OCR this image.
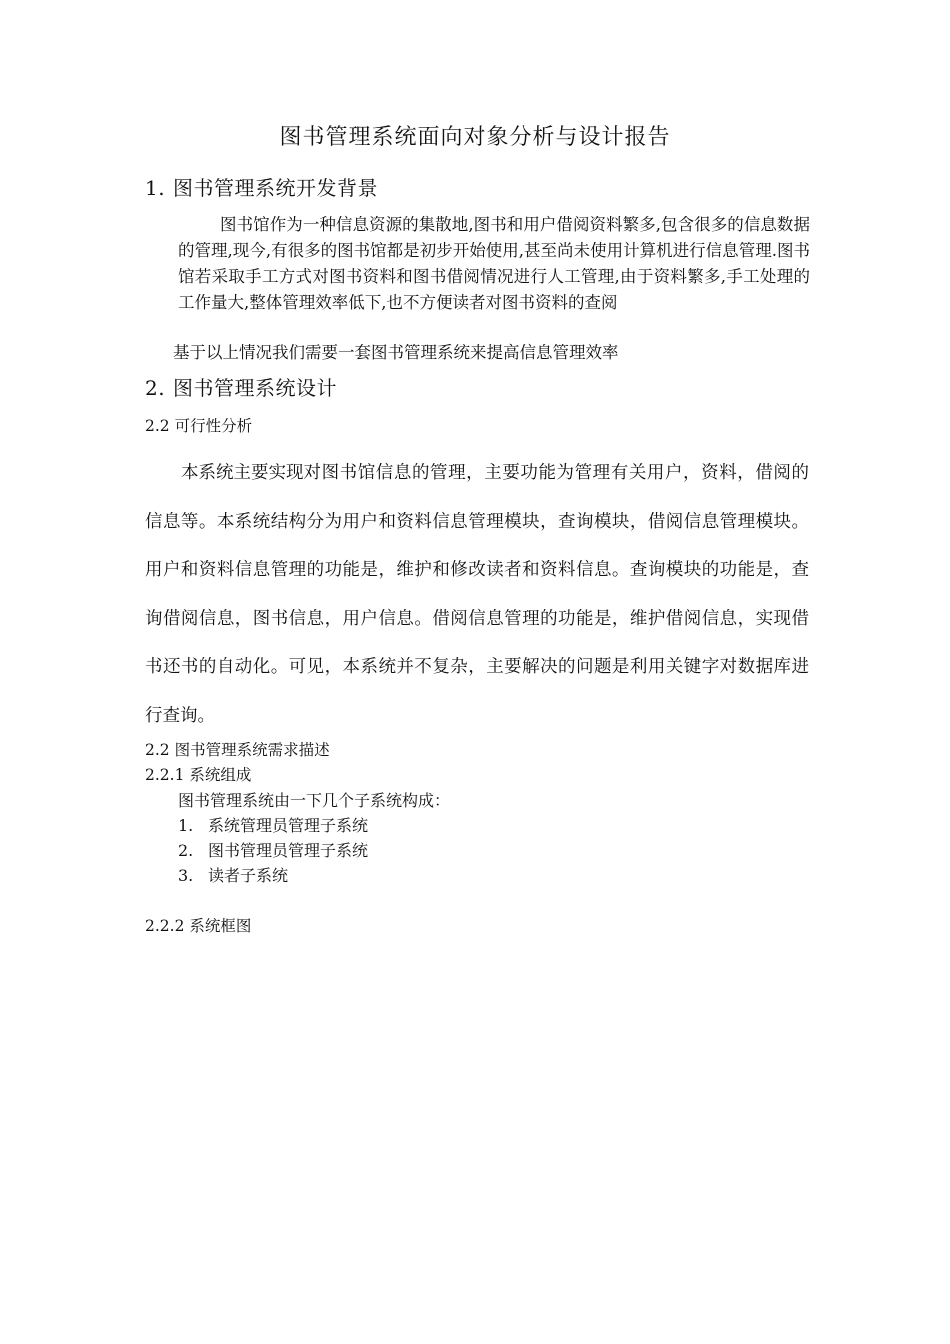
图书管理系统面向对象分析与设计报告
1. 图书管理系统开发背景
图书馆作为一种信息资源的集散地,图书和用户借阅资料繁多,包含很多的信息数据的管理,现今,有很多的图书馆都是初步开始使用,甚至尚未使用计算机进行信息管理.图书馆若采取手工方式对图书资料和图书借阅情况进行人工管理,由于资料繁多,手工处理的工作量大,整体管理效率低下,也不方便读者对图书资料的查阅
基于以上情况我们需要一套图书管理系统来提高信息管理效率
2. 图书管理系统设计
2.2 可行性分析
本系统主要实现对图书馆信息的管理，主要功能为管理有关用户，资料，借阅的信息等。本系统结构分为用户和资料信息管理模块，查询模块，借阅信息管理模块。用户和资料信息管理的功能是，维护和修改读者和资料信息。查询模块的功能是，查询借阅信息，图书信息，用户信息。借阅信息管理的功能是，维护借阅信息，实现借书还书的自动化。可见，本系统并不复杂，主要解决的问题是利用关键字对数据库进行查询。
2.2 图书管理系统需求描述
2.2.1 系统组成
图书管理系统由一下几个子系统构成：
1. 系统管理员管理子系统
2. 图书管理员管理子系统
3. 读者子系统
2.2.2 系统框图
